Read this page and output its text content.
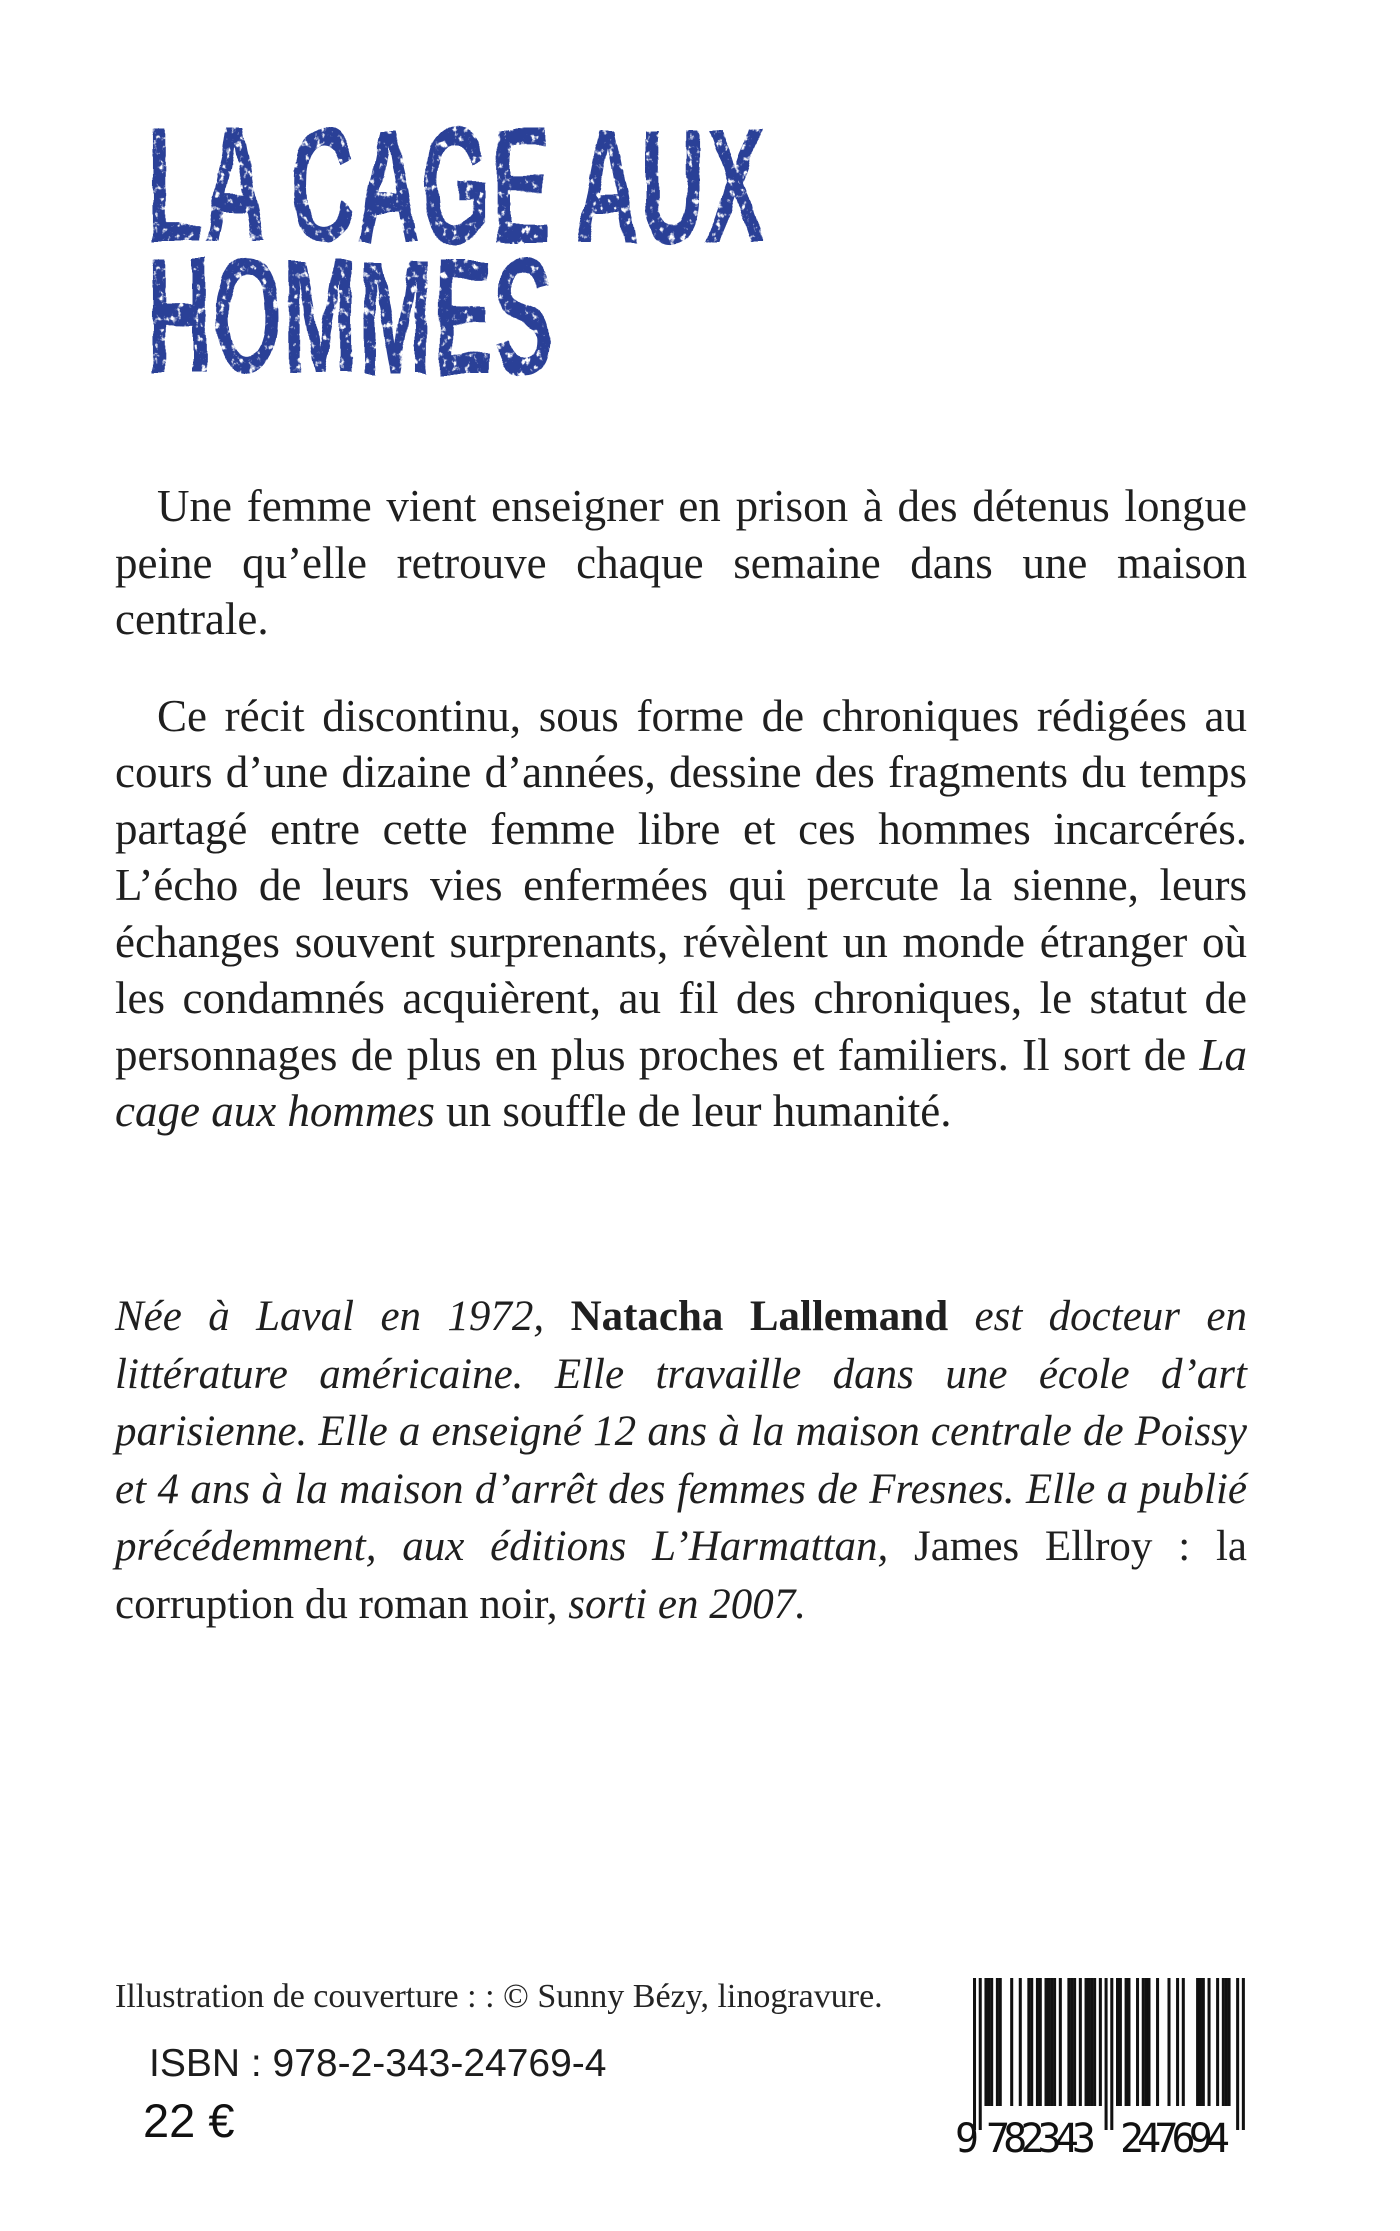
LA CAGE AUX
HOMMES

Une femme vient enseigner en prison à des détenus longue peine qu’elle retrouve chaque semaine dans une maison centrale.

Ce récit discontinu, sous forme de chroniques rédigées au cours d’une dizaine d’années, dessine des fragments du temps partagé entre cette femme libre et ces hommes incarcérés. L’écho de leurs vies enfermées qui percute la sienne, leurs échanges souvent surprenants, révèlent un monde étranger où les condamnés acquièrent, au fil des chroniques, le statut de personnages de plus en plus proches et familiers. Il sort de La cage aux hommes un souffle de leur humanité.

Née à Laval en 1972, Natacha Lallemand est docteur en littérature américaine. Elle travaille dans une école d’art parisienne. Elle a enseigné 12 ans à la maison centrale de Poissy et 4 ans à la maison d’arrêt des femmes de Fresnes. Elle a publié précédemment, aux éditions L’Harmattan, James Ellroy : la corruption du roman noir, sorti en 2007.
Illustration de couverture : : © Sunny Bézy, linogravure.
ISBN : 978-2-343-24769-4
22 €	9 782343 247694
